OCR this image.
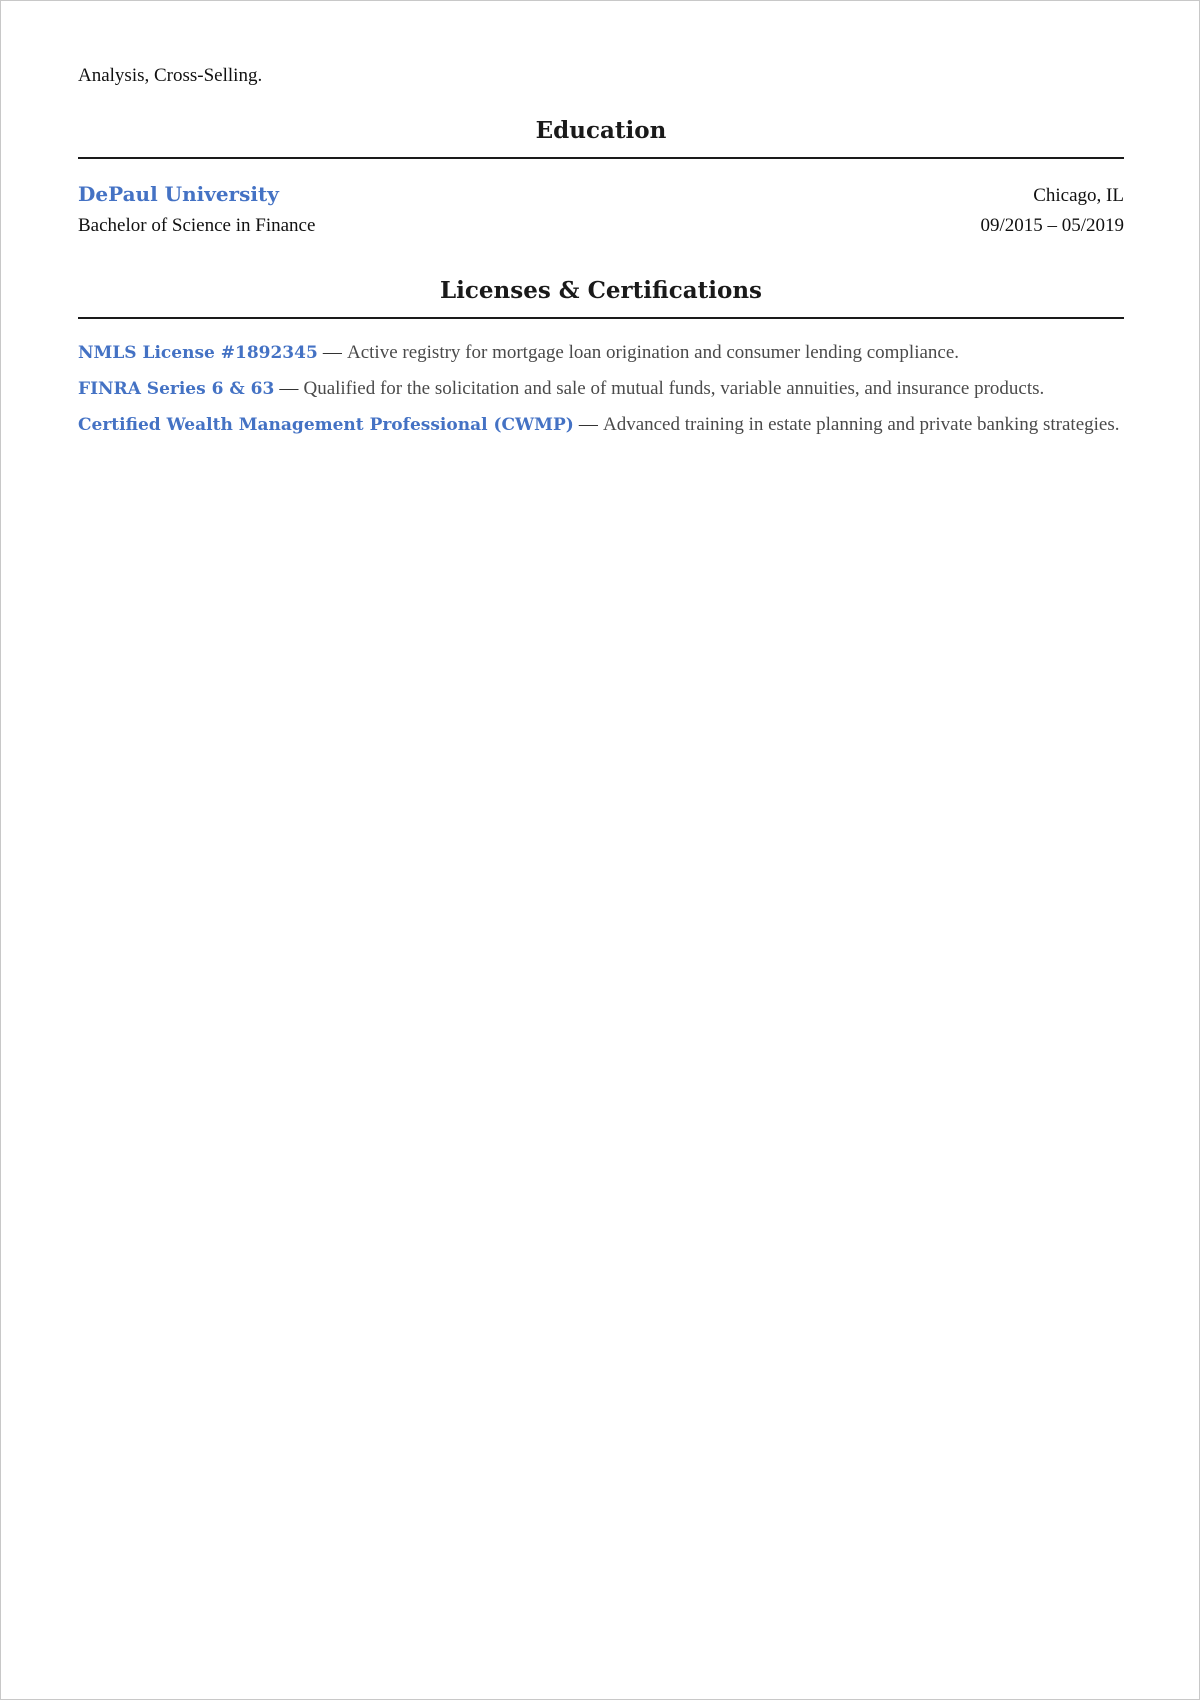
Analysis, Cross-Selling.

Education
DePaul University	Chicago, IL
Bachelor of Science in Finance	09/2015 – 05/2019
Licenses & Certifications

NMLS License #1892345 — Active registry for mortgage loan origination and consumer lending compliance.

FINRA Series 6 & 63 — Qualified for the solicitation and sale of mutual funds, variable annuities, and insurance products.

Certified Wealth Management Professional (CWMP) — Advanced training in estate planning and private banking strategies.
